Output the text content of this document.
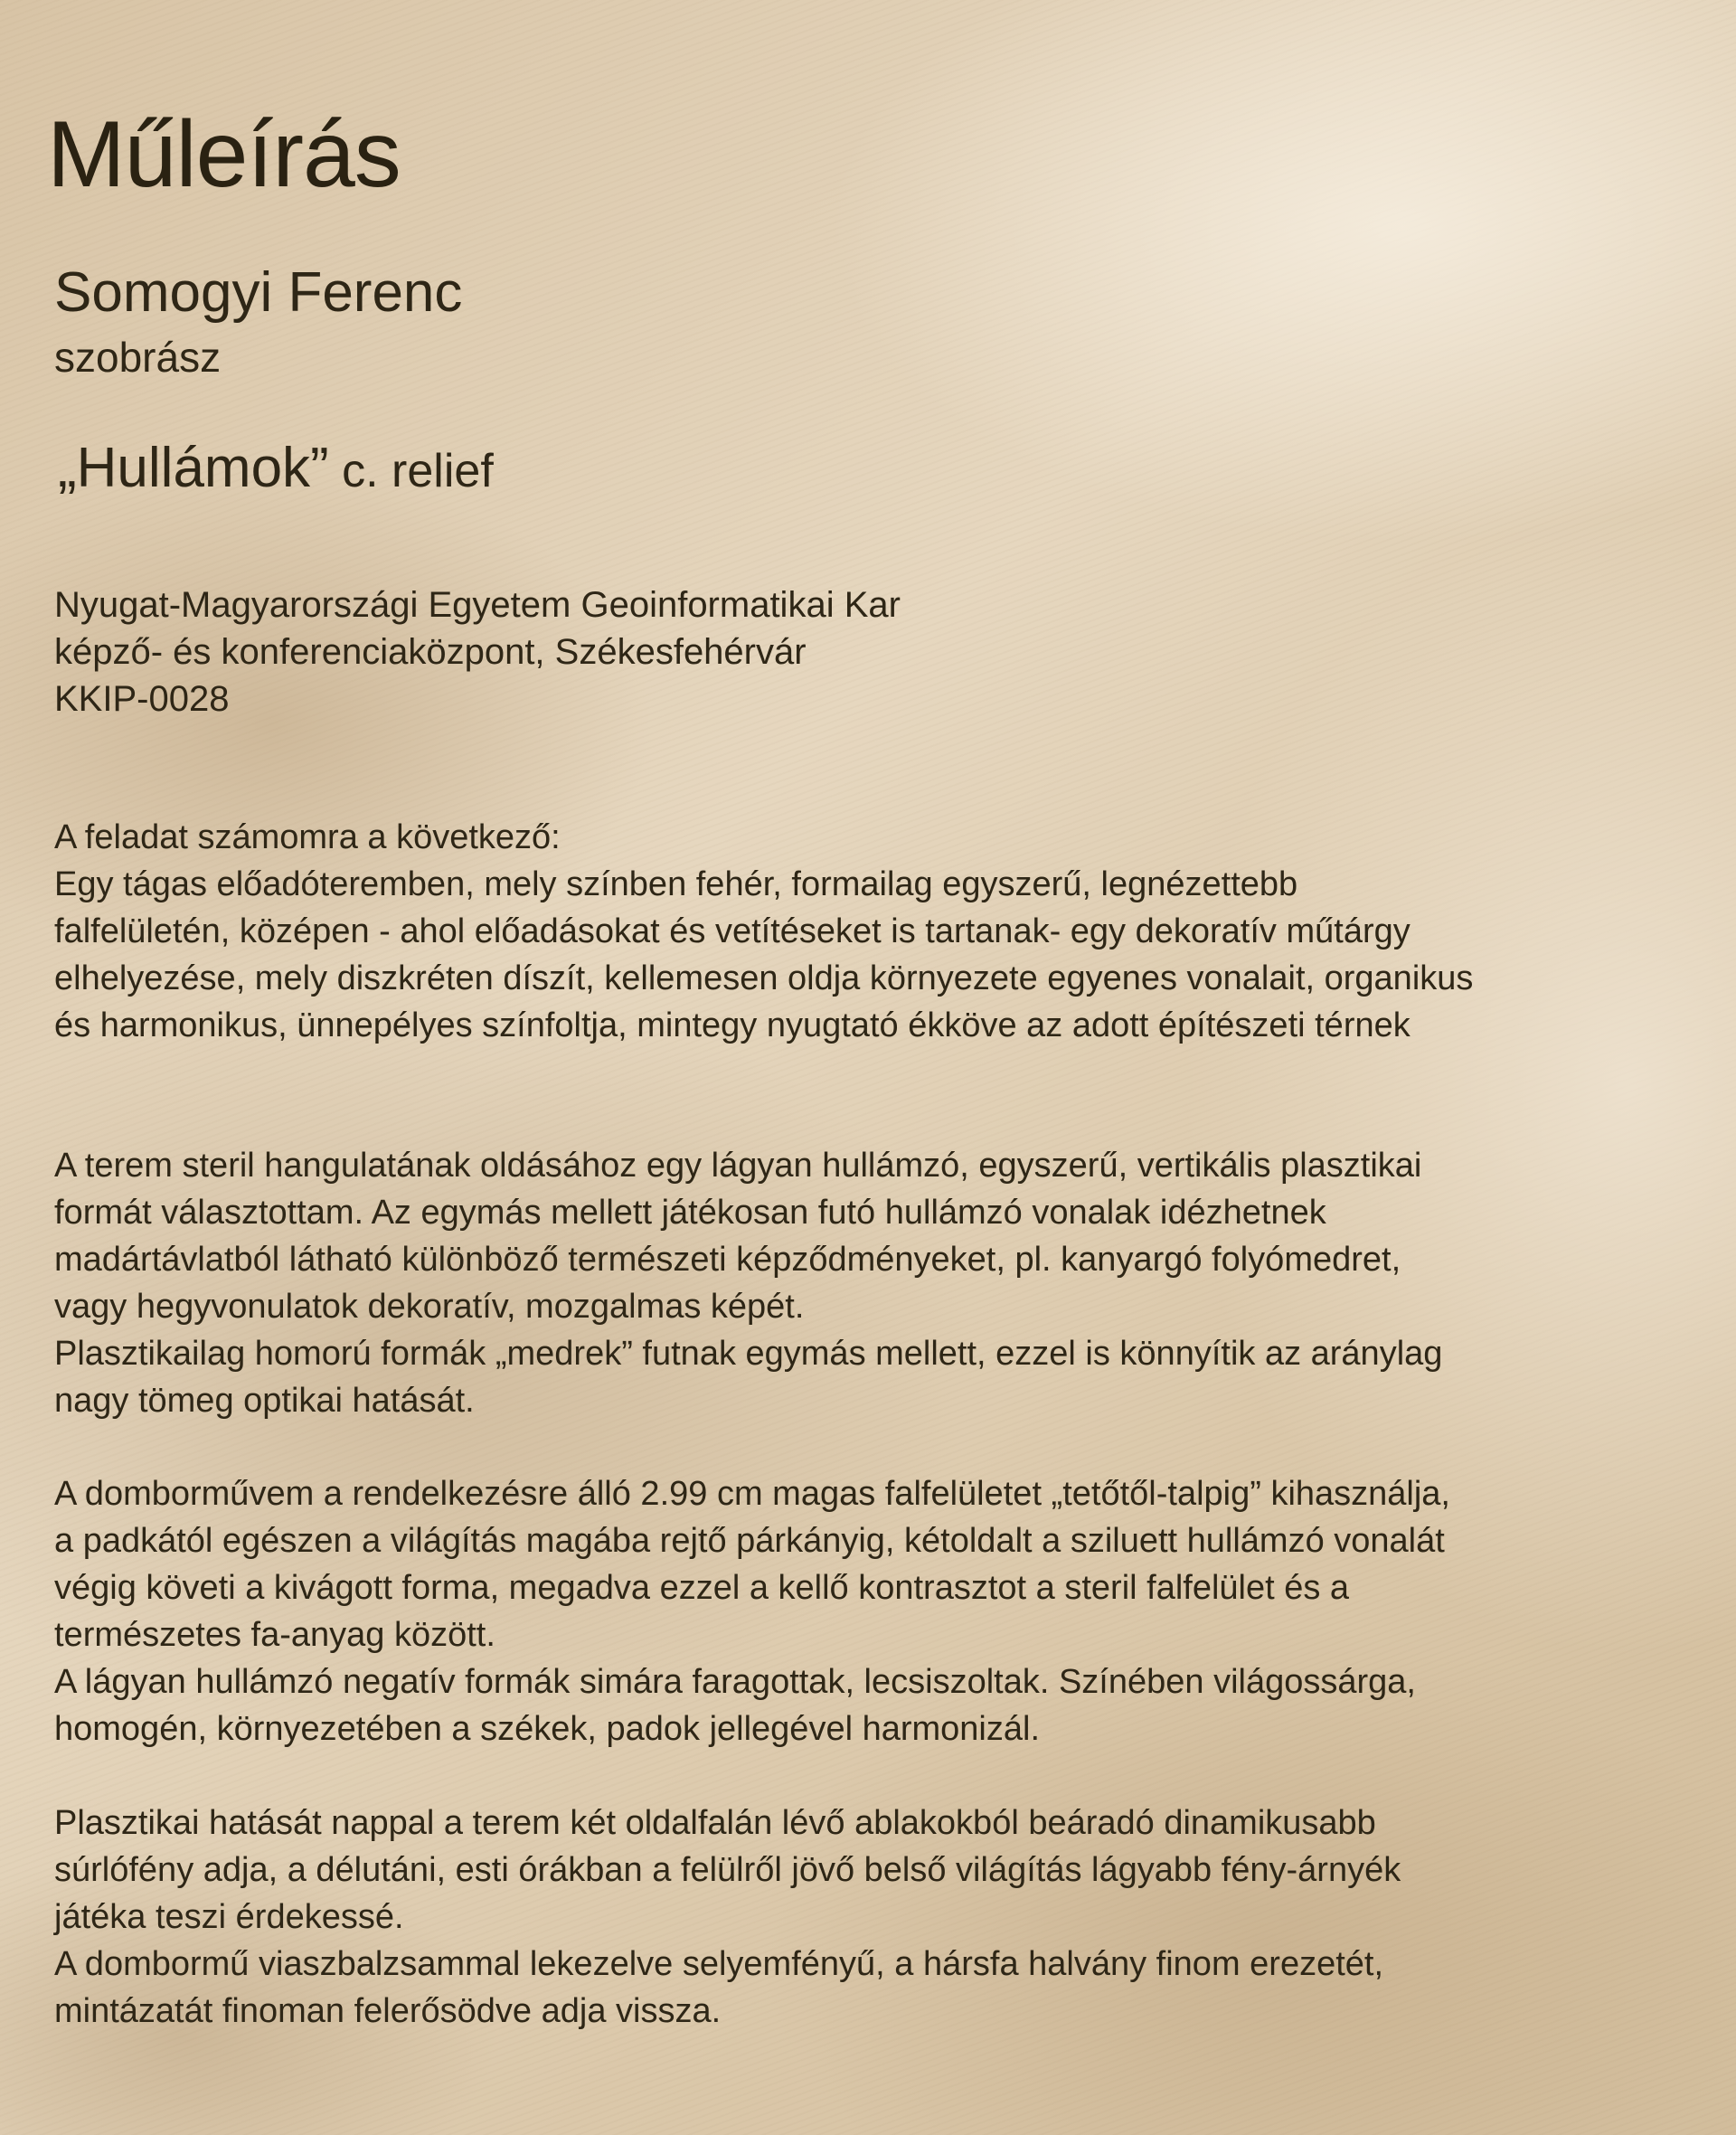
Műleírás
Somogyi Ferenc
szobrász
„Hullámok” c. relief
Nyugat-Magyarországi Egyetem Geoinformatikai Kar
képző- és konferenciaközpont, Székesfehérvár
KKIP-0028

A feladat számomra a következő:
Egy tágas előadóteremben, mely színben fehér, formailag egyszerű, legnézettebb
falfelületén, középen - ahol előadásokat és vetítéseket is tartanak- egy dekoratív műtárgy
elhelyezése, mely diszkréten díszít, kellemesen oldja környezete egyenes vonalait, organikus
és harmonikus, ünnepélyes színfoltja, mintegy nyugtató ékköve az adott építészeti térnek

A terem steril hangulatának oldásához egy lágyan hullámzó, egyszerű, vertikális plasztikai
formát választottam. Az egymás mellett játékosan futó hullámzó vonalak idézhetnek
madártávlatból látható különböző természeti képződményeket, pl. kanyargó folyómedret,
vagy hegyvonulatok dekoratív, mozgalmas képét.
Plasztikailag homorú formák „medrek” futnak egymás mellett, ezzel is könnyítik az aránylag
nagy tömeg optikai hatását.

A domborművem a rendelkezésre álló 2.99 cm magas falfelületet „tetőtől-talpig” kihasználja,
a padkától egészen a világítás magába rejtő párkányig, kétoldalt a sziluett hullámzó vonalát
végig követi a kivágott forma, megadva ezzel a kellő kontrasztot a steril falfelület és a
természetes fa-anyag között.
A lágyan hullámzó negatív formák simára faragottak, lecsiszoltak. Színében világossárga,
homogén, környezetében a székek, padok jellegével harmonizál.

Plasztikai hatását nappal a terem két oldalfalán lévő ablakokból beáradó dinamikusabb
súrlófény adja, a délutáni, esti órákban a felülről jövő belső világítás lágyabb fény-árnyék
játéka teszi érdekessé.
A dombormű viaszbalzsammal lekezelve selyemfényű, a hársfa halvány finom erezetét,
mintázatát finoman felerősödve adja vissza.
